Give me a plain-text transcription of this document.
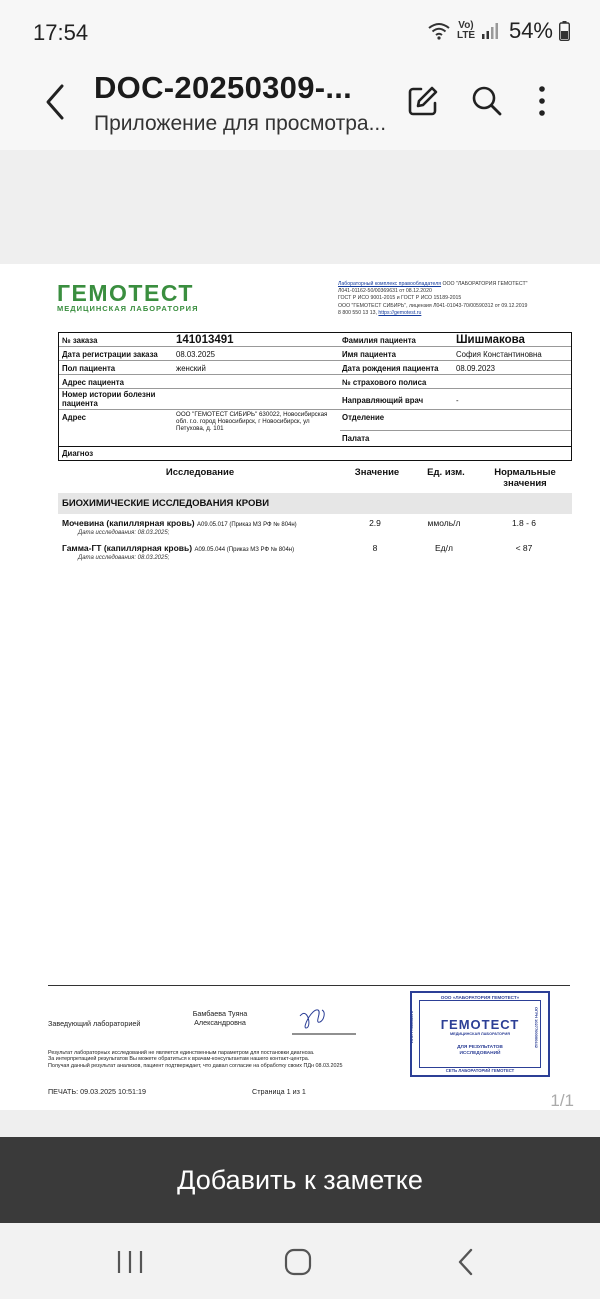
17:54	Vo) LTE 54%
DOC-20250309-...
Приложение для просмотра...
ГЕМОТЕСТ
МЕДИЦИНСКАЯ ЛАБОРАТОРИЯ
Лабораторный комплекс правообладателя ООО "ЛАБОРАТОРИЯ ГЕМОТЕСТ"
Л041-01162-50/00369631 от 08.12.2020
ГОСТ Р ИСО 9001-2015 и ГОСТ Р ИСО 15189-2015
ООО "ГЕМОТЕСТ СИБИРЬ", лицензия Л041-01043-70/00590312 от 09.12.2019
8 800 550 13 13, https://gemotest.ru
№ заказа	141013491	Фамилия пациента	Шишмакова
Дата регистрации заказа 08.03.2025	Имя пациента	София Константиновна
Пол пациента	женский	Дата рождения пациента 08.09.2023
Адрес пациента	№ страхового полиса
Номер истории болезни пациента	Направляющий врач	-
Адрес	ООО "ГЕМОТЕСТ СИБИРЬ" 630022, Новосибирская обл. г.о. город Новосибирск, г Новосибирск, ул Петухова, д. 101
Отделение
Палата
Диагноз
Исследование	Значение	Ед. изм.	Нормальные значения
БИОХИМИЧЕСКИЕ ИССЛЕДОВАНИЯ КРОВИ
Мочевина (капиллярная кровь) A09.05.017 (Приказ МЗ РФ № 804н)
Дата исследования: 08.03.2025;
2.9	ммоль/л	1.8 - 6
Гамма-ГТ (капиллярная кровь) A09.05.044 (Приказ МЗ РФ № 804н)
Дата исследования: 08.03.2025;
8	Ед/л	< 87
Заведующий лабораторией
Бамбаева Туяна
Александровна
Результат лабораторных исследований не является единственным параметром для постановки диагноза.
За интерпретацией результатов Вы можете обратиться к врачам-консультантам нашего контакт-центра.
Получая данный результат анализов, пациент подтверждает, что давал согласие на обработку своих ПДн 08.03.2025
ПЕЧАТЬ: 09.03.2025 10:51:19	Страница 1 из 1
ООО «ЛАБОРАТОРИЯ ГЕМОТЕСТ»
ГЕМОТЕСТ
МЕДИЦИНСКАЯ ЛАБОРАТОРИЯ
ДЛЯ РЕЗУЛЬТАТОВ
ИССЛЕДОВАНИЙ
СЕТЬ ЛАБОРАТОРИЙ ГЕМОТЕСТ
ИНН 7706596371	ОГРН 1027700000442
1/1
Добавить к заметке
